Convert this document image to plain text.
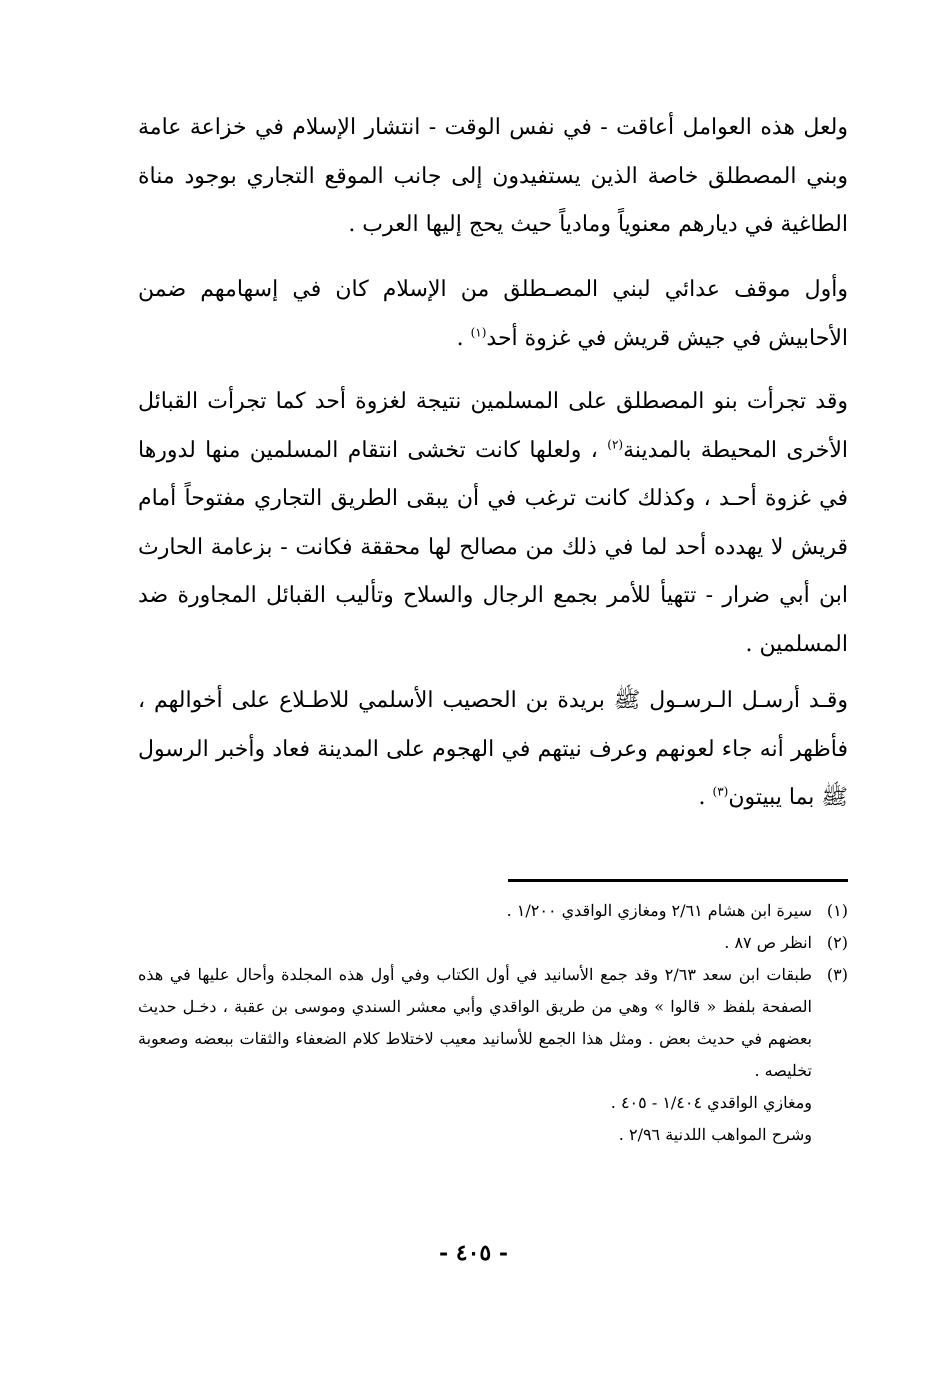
ولعل هذه العوامل أعاقت - في نفس الوقت - انتشار الإسلام في خزاعة عامة وبني المصطلق خاصة الذين يستفيدون إلى جانب الموقع التجاري بوجود مناة الطاغية في ديارهم معنوياً ومادياً حيث يحج إليها العرب .

وأول موقف عدائي لبني المصـطلق من الإسلام كان في إسهامهم ضمن الأحابيش في جيش قريش في غزوة أحد$^{(١)}$ .

وقد تجرأت بنو المصطلق على المسلمين نتيجة لغزوة أحد كما تجرأت القبائل الأخرى المحيطة بالمدينة$^{(٢)}$ ، ولعلها كانت تخشى انتقام المسلمين منها لدورها في غزوة أحـد ، وكذلك كانت ترغب في أن يبقى الطريق التجاري مفتوحاً أمام قريش لا يهدده أحد لما في ذلك من مصالح لها محققة فكانت - بزعامة الحارث ابن أبي ضرار - تتهيأ للأمر بجمع الرجال والسلاح وتأليب القبائل المجاورة ضد المسلمين .

وقـد أرسـل الـرسـول ﷺ بريدة بن الحصيب الأسلمي للاطـلاع على أخوالهم ، فأظهر أنه جاء لعونهم وعرف نيتهم في الهجوم على المدينة فعاد وأخبر الرسول ﷺ بما يبيتون$^{(٣)}$ .

(١)
سيرة ابن هشام ٢/٦١ ومغازي الواقدي ١/٢٠٠ .
(٢)
انظر ص ٨٧ .
(٣)
طبقات ابن سعد ٢/٦٣ وقد جمع الأسانيد في أول الكتاب وفي أول هذه المجلدة وأحال عليها في هذه الصفحة بلفظ « قالوا » وهي من طريق الواقدي وأبي معشر السندي وموسى بن عقبة ، دخـل حديث بعضهم في حديث بعض . ومثل هذا الجمع للأسانيد معيب لاختلاط كلام الضعفاء والثقات ببعضه وصعوبة تخليصه .
ومغازي الواقدي ١/٤٠٤ - ٤٠٥ .
وشرح المواهب اللدنية ٢/٩٦ .
- ٤٠٥ -
